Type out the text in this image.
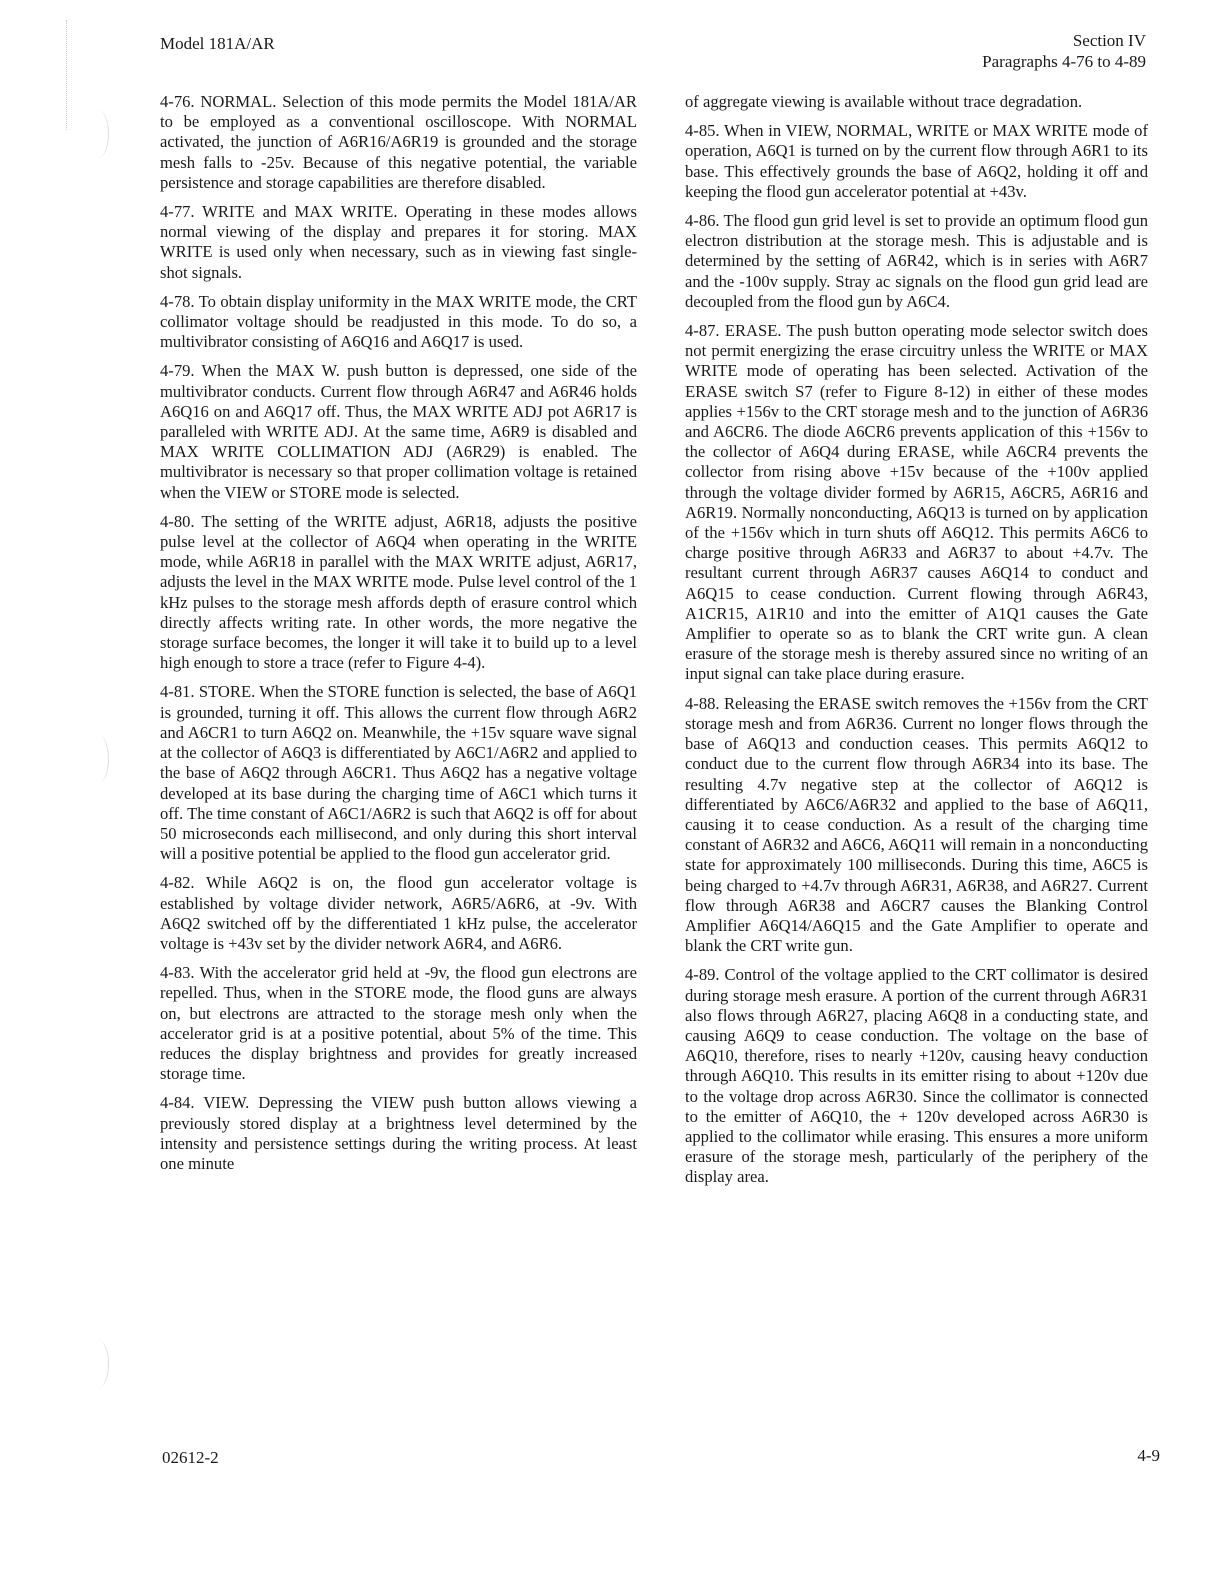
Model 181A/AR	Section IV
Paragraphs 4-76 to 4-89

4-76. NORMAL. Selection of this mode permits the Model 181A/AR to be employed as a conventional oscilloscope. With NORMAL activated, the junction of A6R16/A6R19 is grounded and the storage mesh falls to -25v. Because of this negative potential, the variable persistence and storage capabilities are therefore disabled.

4-77. WRITE and MAX WRITE. Operating in these modes allows normal viewing of the display and prepares it for storing. MAX WRITE is used only when necessary, such as in viewing fast single-shot signals.

4-78. To obtain display uniformity in the MAX WRITE mode, the CRT collimator voltage should be readjusted in this mode. To do so, a multivibrator consisting of A6Q16 and A6Q17 is used.

4-79. When the MAX W. push button is depressed, one side of the multivibrator conducts. Current flow through A6R47 and A6R46 holds A6Q16 on and A6Q17 off. Thus, the MAX WRITE ADJ pot A6R17 is paralleled with WRITE ADJ. At the same time, A6R9 is disabled and MAX WRITE COLLIMATION ADJ (A6R29) is enabled. The multivibrator is necessary so that proper collimation voltage is retained when the VIEW or STORE mode is selected.

4-80. The setting of the WRITE adjust, A6R18, adjusts the positive pulse level at the collector of A6Q4 when operating in the WRITE mode, while A6R18 in parallel with the MAX WRITE adjust, A6R17, adjusts the level in the MAX WRITE mode. Pulse level control of the 1 kHz pulses to the storage mesh affords depth of erasure control which directly affects writing rate. In other words, the more negative the storage surface becomes, the longer it will take it to build up to a level high enough to store a trace (refer to Figure 4-4).

4-81. STORE. When the STORE function is selected, the base of A6Q1 is grounded, turning it off. This allows the current flow through A6R2 and A6CR1 to turn A6Q2 on. Meanwhile, the +15v square wave signal at the collector of A6Q3 is differentiated by A6C1/A6R2 and applied to the base of A6Q2 through A6CR1. Thus A6Q2 has a negative voltage developed at its base during the charging time of A6C1 which turns it off. The time constant of A6C1/A6R2 is such that A6Q2 is off for about 50 microseconds each millisecond, and only during this short interval will a positive potential be applied to the flood gun accelerator grid.

4-82. While A6Q2 is on, the flood gun accelerator voltage is established by voltage divider network, A6R5/A6R6, at -9v. With A6Q2 switched off by the differentiated 1 kHz pulse, the accelerator voltage is +43v set by the divider network A6R4, and A6R6.

4-83. With the accelerator grid held at -9v, the flood gun electrons are repelled. Thus, when in the STORE mode, the flood guns are always on, but electrons are attracted to the storage mesh only when the accelerator grid is at a positive potential, about 5% of the time. This reduces the display brightness and provides for greatly increased storage time.

4-84. VIEW. Depressing the VIEW push button allows viewing a previously stored display at a brightness level determined by the intensity and persistence settings during the writing process. At least one minute

of aggregate viewing is available without trace degradation.

4-85. When in VIEW, NORMAL, WRITE or MAX WRITE mode of operation, A6Q1 is turned on by the current flow through A6R1 to its base. This effectively grounds the base of A6Q2, holding it off and keeping the flood gun accelerator potential at +43v.

4-86. The flood gun grid level is set to provide an optimum flood gun electron distribution at the storage mesh. This is adjustable and is determined by the setting of A6R42, which is in series with A6R7 and the -100v supply. Stray ac signals on the flood gun grid lead are decoupled from the flood gun by A6C4.

4-87. ERASE. The push button operating mode selector switch does not permit energizing the erase circuitry unless the WRITE or MAX WRITE mode of operating has been selected. Activation of the ERASE switch S7 (refer to Figure 8-12) in either of these modes applies +156v to the CRT storage mesh and to the junction of A6R36 and A6CR6. The diode A6CR6 prevents application of this +156v to the collector of A6Q4 during ERASE, while A6CR4 prevents the collector from rising above +15v because of the +100v applied through the voltage divider formed by A6R15, A6CR5, A6R16 and A6R19. Normally nonconducting, A6Q13 is turned on by application of the +156v which in turn shuts off A6Q12. This permits A6C6 to charge positive through A6R33 and A6R37 to about +4.7v. The resultant current through A6R37 causes A6Q14 to conduct and A6Q15 to cease conduction. Current flowing through A6R43, A1CR15, A1R10 and into the emitter of A1Q1 causes the Gate Amplifier to operate so as to blank the CRT write gun. A clean erasure of the storage mesh is thereby assured since no writing of an input signal can take place during erasure.

4-88. Releasing the ERASE switch removes the +156v from the CRT storage mesh and from A6R36. Current no longer flows through the base of A6Q13 and conduction ceases. This permits A6Q12 to conduct due to the current flow through A6R34 into its base. The resulting 4.7v negative step at the collector of A6Q12 is differentiated by A6C6/A6R32 and applied to the base of A6Q11, causing it to cease conduction. As a result of the charging time constant of A6R32 and A6C6, A6Q11 will remain in a nonconducting state for approximately 100 milliseconds. During this time, A6C5 is being charged to +4.7v through A6R31, A6R38, and A6R27. Current flow through A6R38 and A6CR7 causes the Blanking Control Amplifier A6Q14/A6Q15 and the Gate Amplifier to operate and blank the CRT write gun.

4-89. Control of the voltage applied to the CRT collimator is desired during storage mesh erasure. A portion of the current through A6R31 also flows through A6R27, placing A6Q8 in a conducting state, and causing A6Q9 to cease conduction. The voltage on the base of A6Q10, therefore, rises to nearly +120v, causing heavy conduction through A6Q10. This results in its emitter rising to about +120v due to the voltage drop across A6R30. Since the collimator is connected to the emitter of A6Q10, the + 120v developed across A6R30 is applied to the collimator while erasing. This ensures a more uniform erasure of the storage mesh, particularly of the periphery of the display area.

02612-2	4-9
